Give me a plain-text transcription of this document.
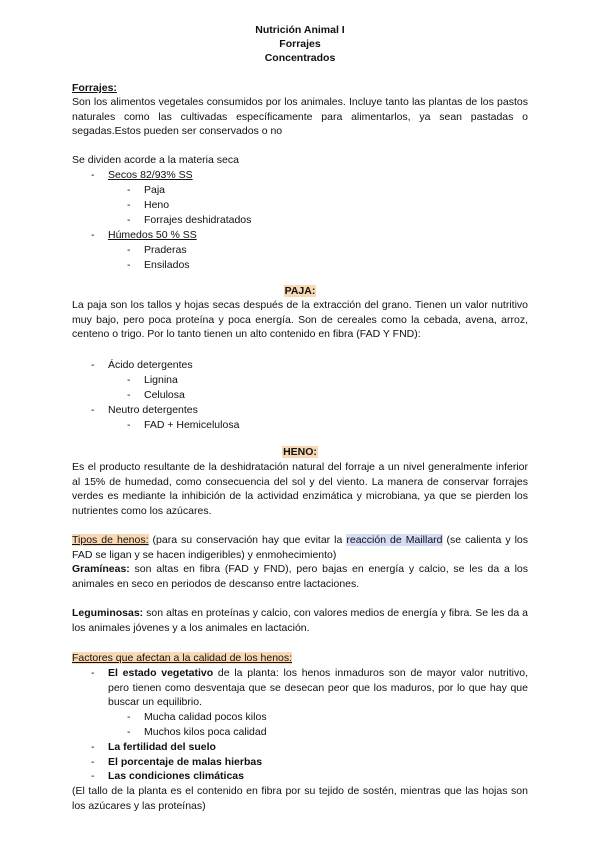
Nutrición Animal I
Forrajes
Concentrados
Forrajes:
Son los alimentos vegetales consumidos por los animales. Incluye tanto las plantas de los pastos naturales como las cultivadas específicamente para alimentarlos, ya sean pastadas o segadas.Estos pueden ser conservados o no
Se dividen acorde a la materia seca
- Secos 82/93% SS
- Paja
- Heno
- Forrajes deshidratados
- Húmedos 50 % SS
- Praderas
- Ensilados
PAJA:
La paja son los tallos y hojas secas después de la extracción del grano. Tienen un valor nutritivo muy bajo, pero poca proteína y poca energía. Son de cereales como la cebada, avena, arroz, centeno o trigo. Por lo tanto tienen un alto contenido en fibra (FAD Y FND):
- Ácido detergentes
- Lignina
- Celulosa
- Neutro detergentes
- FAD + Hemicelulosa
HENO:
Es el producto resultante de la deshidratación natural del forraje a un nivel generalmente inferior al 15% de humedad, como consecuencia del sol y del viento. La manera de conservar forrajes verdes es mediante la inhibición de la actividad enzimática y microbiana, ya que se pierden los nutrientes como los azúcares.
Tipos de henos: (para su conservación hay que evitar la reacción de Maillard (se calienta y los FAD se ligan y se hacen indigeribles) y enmohecimiento)
Gramíneas: son altas en fibra (FAD y FND), pero bajas en energía y calcio, se les da a los animales en seco en periodos de descanso entre lactaciones.
Leguminosas: son altas en proteínas y calcio, con valores medios de energía y fibra. Se les da a los animales jóvenes y a los animales en lactación.
Factores que afectan a la calidad de los henos:
- El estado vegetativo de la planta: los henos inmaduros son de mayor valor nutritivo, pero tienen como desventaja que se desecan peor que los maduros, por lo que hay que buscar un equilibrio.
- Mucha calidad pocos kilos
- Muchos kilos poca calidad
- La fertilidad del suelo
- El porcentaje de malas hierbas
- Las condiciones climáticas
(El tallo de la planta es el contenido en fibra por su tejido de sostén, mientras que las hojas son los azúcares y las proteínas)
